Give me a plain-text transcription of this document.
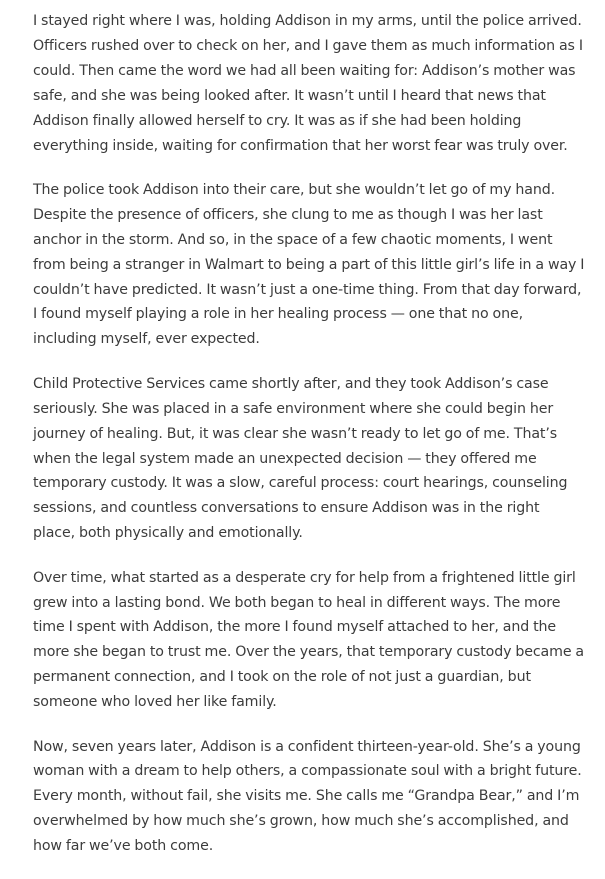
I stayed right where I was, holding Addison in my arms, until the police arrived. Officers rushed over to check on her, and I gave them as much information as I could. Then came the word we had all been waiting for: Addison’s mother was safe, and she was being looked after. It wasn’t until I heard that news that Addison finally allowed herself to cry. It was as if she had been holding everything inside, waiting for confirmation that her worst fear was truly over.

The police took Addison into their care, but she wouldn’t let go of my hand. Despite the presence of officers, she clung to me as though I was her last anchor in the storm. And so, in the space of a few chaotic moments, I went from being a stranger in Walmart to being a part of this little girl’s life in a way I couldn’t have predicted. It wasn’t just a one-time thing. From that day forward, I found myself playing a role in her healing process — one that no one, including myself, ever expected.

Child Protective Services came shortly after, and they took Addison’s case seriously. She was placed in a safe environment where she could begin her journey of healing. But, it was clear she wasn’t ready to let go of me. That’s when the legal system made an unexpected decision — they offered me temporary custody. It was a slow, careful process: court hearings, counseling sessions, and countless conversations to ensure Addison was in the right place, both physically and emotionally.

Over time, what started as a desperate cry for help from a frightened little girl grew into a lasting bond. We both began to heal in different ways. The more time I spent with Addison, the more I found myself attached to her, and the more she began to trust me. Over the years, that temporary custody became a permanent connection, and I took on the role of not just a guardian, but someone who loved her like family.

Now, seven years later, Addison is a confident thirteen-year-old. She’s a young woman with a dream to help others, a compassionate soul with a bright future. Every month, without fail, she visits me. She calls me “Grandpa Bear,” and I’m overwhelmed by how much she’s grown, how much she’s accomplished, and how far we’ve both come.
